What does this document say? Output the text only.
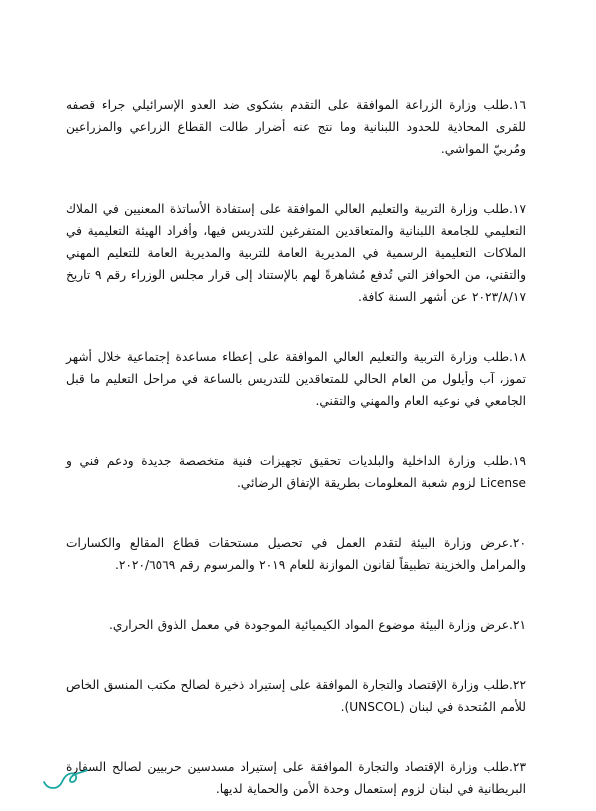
١٦.طلب وزارة الزراعة الموافقة على التقدم بشكوى ضد العدو الإسرائيلي جراء قصفه للقرى المحاذية للحدود اللبنانية وما نتج عنه أضرار طالت القطاع الزراعي والمزراعين ومُربيّ المواشي.

١٧.طلب وزارة التربية والتعليم العالي الموافقة على إستفادة الأساتذة المعنيين في الملاك التعليمي للجامعة اللبنانية والمتعاقدين المتفرغين للتدريس فيها، وأفراد الهيئة التعليمية في الملاكات التعليمية الرسمية في المديرية العامة للتربية والمديرية العامة للتعليم المهني والتقني، من الحوافز التي تُدفع مُشاهرةً لهم بالإستناد إلى قرار مجلس الوزراء رقم ٩ تاريخ ٢٠٢٣/٨/١٧ عن أشهر السنة كافة.

١٨.طلب وزارة التربية والتعليم العالي الموافقة على إعطاء مساعدة إجتماعية خلال أشهر تموز، آب وأيلول من العام الحالي للمتعاقدين للتدريس بالساعة في مراحل التعليم ما قبل الجامعي في نوعيه العام والمهني والتقني.

١٩.طلب وزارة الداخلية والبلديات تحقيق تجهيزات فنية متخصصة جديدة ودعم فني و License لزوم شعبة المعلومات بطريقة الإتفاق الرضائي.

٢٠.عرض وزارة البيئة لتقدم العمل في تحصيل مستحقات قطاع المقالع والكسارات والمرامل والخزينة تطبيقاً لقانون الموازنة للعام ٢٠١٩ والمرسوم رقم ٢٠٢٠/٦٥٦٩.

٢١.عرض وزارة البيئة موضوع المواد الكيميائية الموجودة في معمل الذوق الحراري.

٢٢.طلب وزارة الإقتصاد والتجارة الموافقة على إستيراد ذخيرة لصالح مكتب المنسق الخاص للأمم المُتحدة في لبنان (UNSCOL).

٢٣.طلب وزارة الإقتصاد والتجارة الموافقة على إستيراد مسدسين حربيين لصالح السفارة البريطانية في لبنان لزوم إستعمال وحدة الأمن والحماية لديها.
